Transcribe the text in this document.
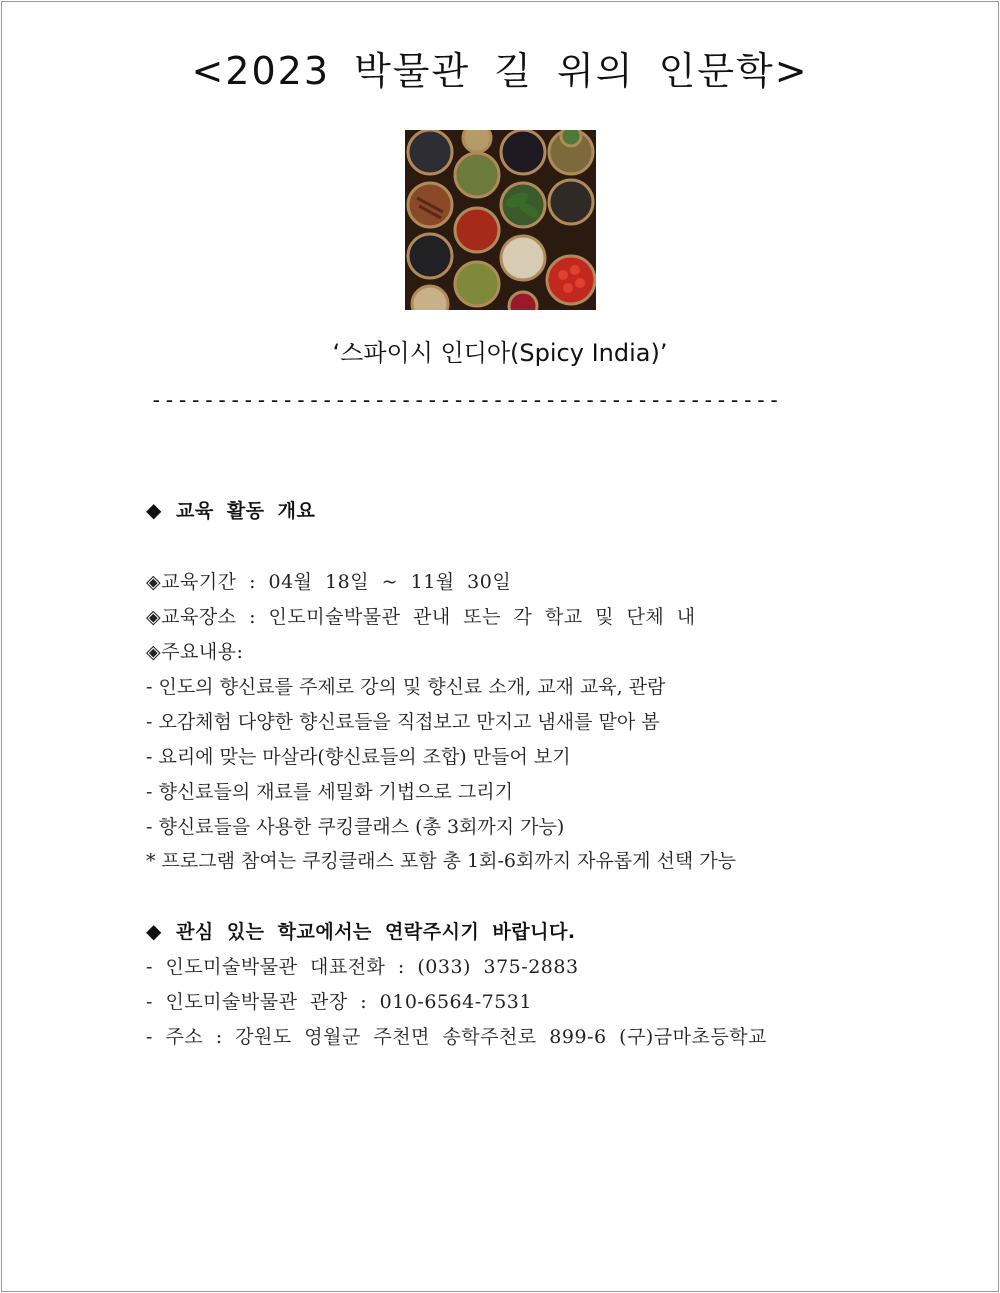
<2023 박물관 길 위의 인문학>
‘스파이시 인디아(Spicy India)’
------------------------------------------------
◆ 교육 활동 개요
◈교육기간 : 04월 18일 ~ 11월 30일
◈교육장소 : 인도미술박물관 관내 또는 각 학교 및 단체 내
◈주요내용:
- 인도의 향신료를 주제로 강의 및 향신료 소개, 교재 교육, 관람
- 오감체험 다양한 향신료들을 직접보고 만지고 냄새를 맡아 봄
- 요리에 맞는 마살라(향신료들의 조합) 만들어 보기
- 향신료들의 재료를 세밀화 기법으로 그리기
- 향신료들을 사용한 쿠킹클래스 (총 3회까지 가능)
* 프로그램 참여는 쿠킹클래스 포함 총 1회-6회까지 자유롭게 선택 가능
◆ 관심 있는 학교에서는 연락주시기 바랍니다.
- 인도미술박물관 대표전화 : (033) 375-2883
- 인도미술박물관 관장 : 010-6564-7531
- 주소 : 강원도 영월군 주천면 송학주천로 899-6 (구)금마초등학교
